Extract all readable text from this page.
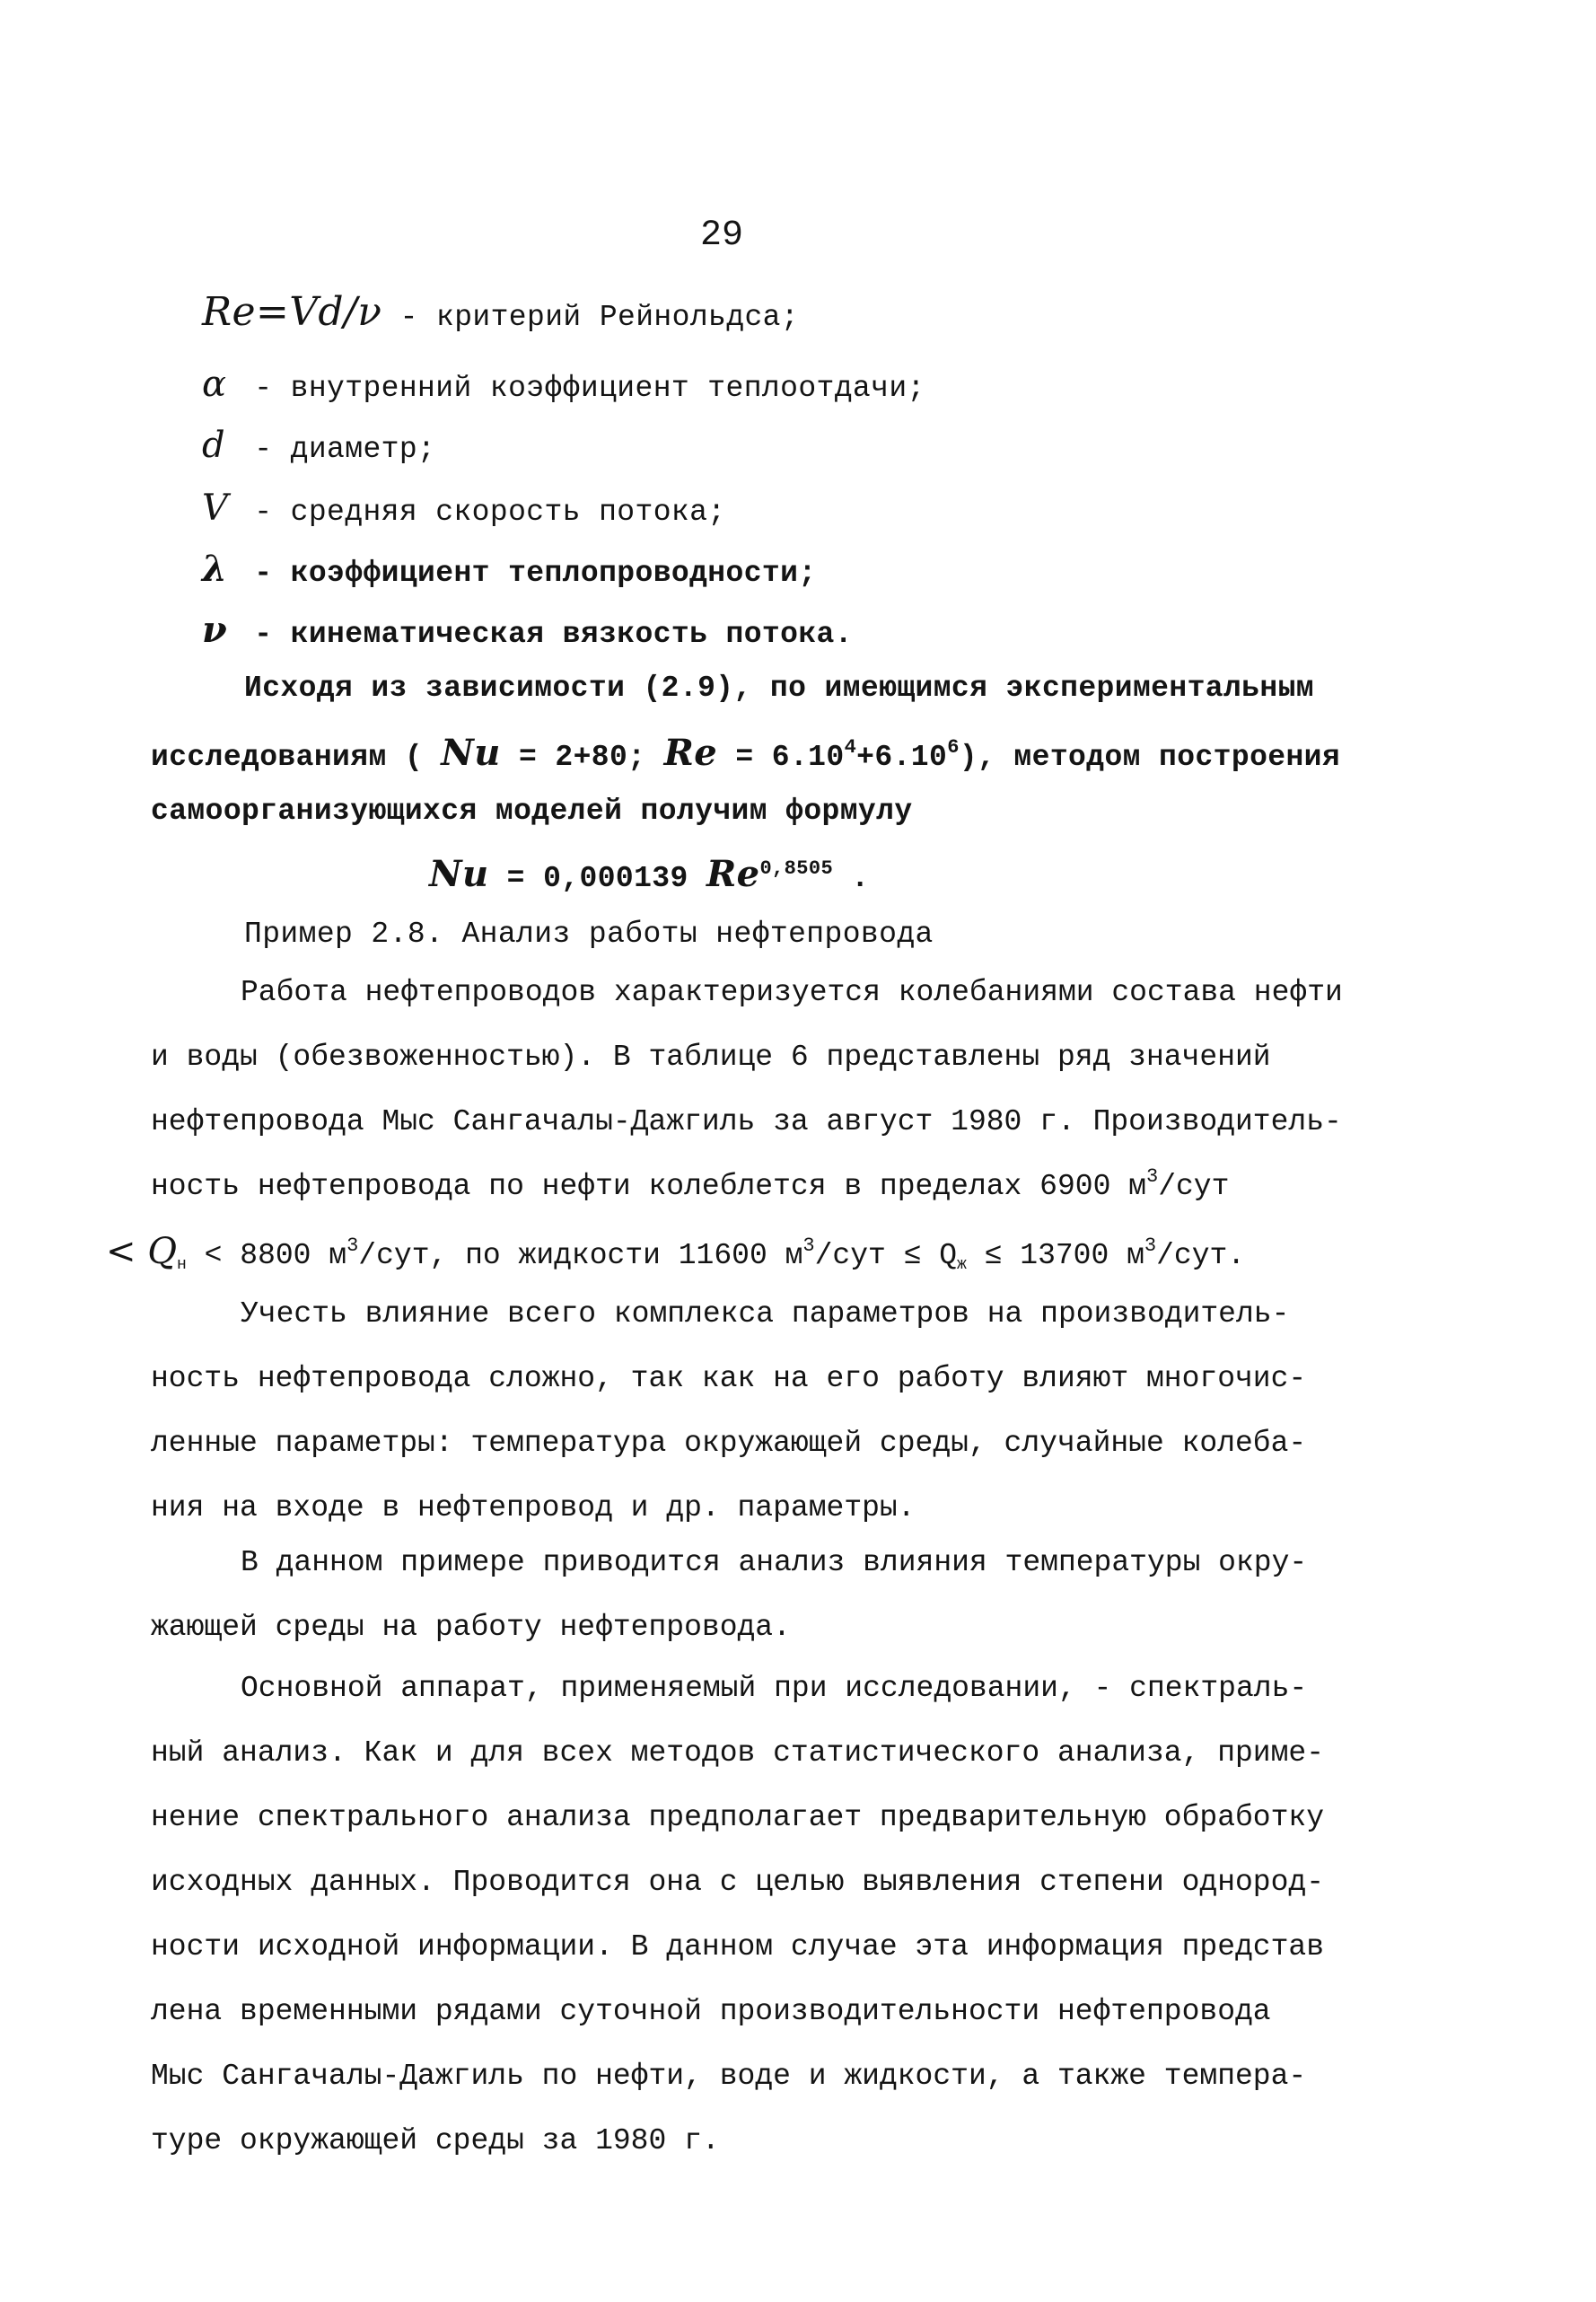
29
Re=Vd/ν - критерий Рейнольдса;
α - внутренний коэффициент теплоотдачи;
d - диаметр;
V - средняя скорость потока;
λ - коэффициент теплопроводности;
ν - кинематическая вязкость потока.
Исходя из зависимости (2.9), по имеющимся экспериментальным
исследованиям ( Nu = 2+80; $Re = 6.10^4+6.10^6$), методом построения
самоорганизующихся моделей получим формулу
Nu = 0,000139 $Re^{0,8505}$ .
Пример 2.8. Анализ работы нефтепровода
Работа нефтепроводов характеризуется колебаниями состава нефти
и воды (обезвоженностью). В таблице 6 представлены ряд значений
нефтепровода Мыс Сангачалы-Дажгиль за август 1980 г. Производитель-
ность нефтепровода по нефти колеблется в пределах 6900 $м^3$/сут
< $Q_н < 8800$ $м^3$/сут, по жидкости 11600 $м^3$/сут ≤ $Q_ж \le 13700$ $м^3$/сут.
Учесть влияние всего комплекса параметров на производитель-
ность нефтепровода сложно, так как на его работу влияют многочис-
ленные параметры: температура окружающей среды, случайные колеба-
ния на входе в нефтепровод и др. параметры.
В данном примере приводится анализ влияния температуры окру-
жающей среды на работу нефтепровода.
Основной аппарат, применяемый при исследовании, - спектраль-
ный анализ. Как и для всех методов статистического анализа, приме-
нение спектрального анализа предполагает предварительную обработку
исходных данных. Проводится она с целью выявления степени однород-
ности исходной информации. В данном случае эта информация представ
лена временными рядами суточной производительности нефтепровода
Мыс Сангачалы-Дажгиль по нефти, воде и жидкости, а также темпера-
туре окружающей среды за 1980 г.
